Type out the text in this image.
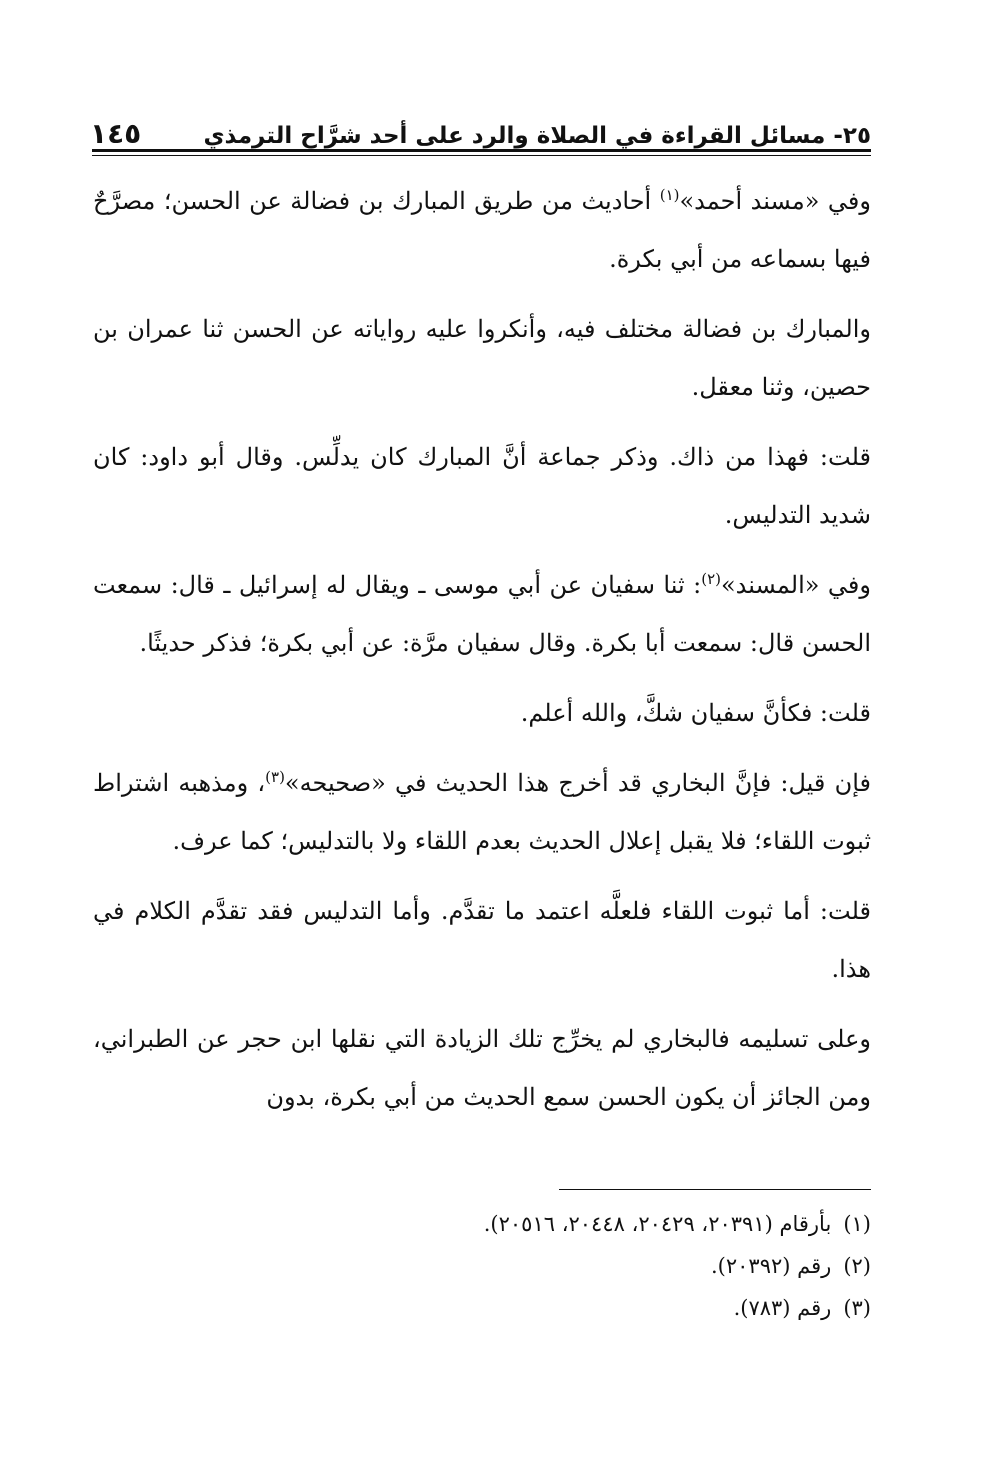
٢٥- مسائل القراءة في الصلاة والرد على أحد شرَّاح الترمذي
١٤٥

وفي «مسند أحمد»$^{(١)}$ أحاديث من طريق المبارك بن فضالة عن الحسن؛ مصرَّحٌ فيها بسماعه من أبي بكرة.

والمبارك بن فضالة مختلف فيه، وأنكروا عليه رواياته عن الحسن ثنا عمران بن حصين، وثنا معقل.

قلت: فهذا من ذاك. وذكر جماعة أنَّ المبارك كان يدلِّس. وقال أبو داود: كان شديد التدليس.

وفي «المسند»$^{(٢)}$: ثنا سفيان عن أبي موسى ـ ويقال له إسرائيل ـ قال: سمعت الحسن قال: سمعت أبا بكرة. وقال سفيان مرَّة: عن أبي بكرة؛ فذكر حديثًا.

قلت: فكأنَّ سفيان شكَّ، والله أعلم.

فإن قيل: فإنَّ البخاري قد أخرج هذا الحديث في «صحيحه»$^{(٣)}$، ومذهبه اشتراط ثبوت اللقاء؛ فلا يقبل إعلال الحديث بعدم اللقاء ولا بالتدليس؛ كما عرف.

قلت: أما ثبوت اللقاء فلعلَّه اعتمد ما تقدَّم. وأما التدليس فقد تقدَّم الكلام في هذا.

وعلى تسليمه فالبخاري لم يخرِّج تلك الزيادة التي نقلها ابن حجر عن الطبراني، ومن الجائز أن يكون الحسن سمع الحديث من أبي بكرة، بدون

(١)
بأرقام (٢٠٣٩١، ٢٠٤٢٩، ٢٠٤٤٨، ٢٠٥١٦).

(٢)
رقم (٢٠٣٩٢).

(٣)
رقم (٧٨٣).
